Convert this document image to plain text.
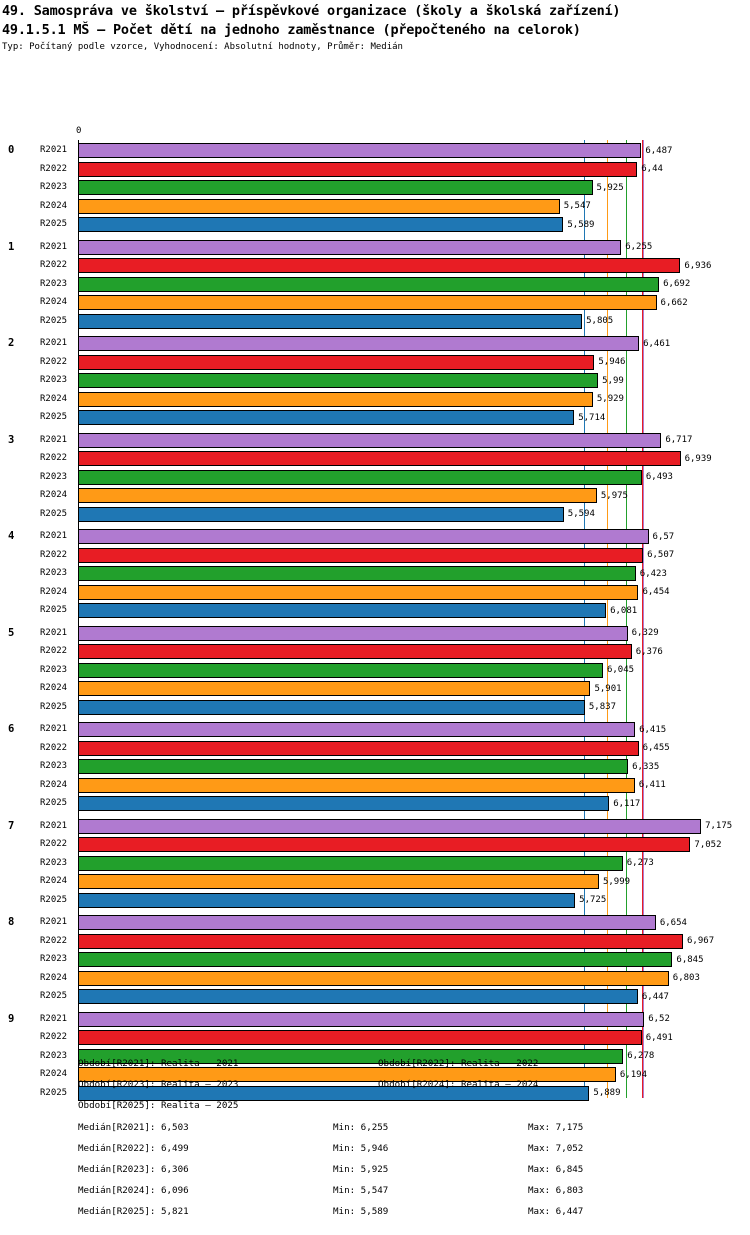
49. Samospráva ve školství – příspěvkové organizace (školy a školská zařízení)
49.1.5.1 MŠ – Počet dětí na jednoho zaměstnance (přepočteného na celorok)
Typ: Počítaný podle vzorce, Vyhodnocení: Absolutní hodnoty, Průměr: Medián
0
0	R2021	6,487
R2022	6,44
R2023	5,925
R2024	5,547
R2025	5,589
1	R2021	6,255
R2022	6,936
R2023	6,692
R2024	6,662
R2025	5,805
2	R2021	6,461
R2022	5,946
R2023	5,99
R2024	5,929
R2025	5,714
3	R2021	6,717
R2022	6,939
R2023	6,493
R2024	5,975
R2025	5,594
4	R2021	6,57
R2022	6,507
R2023	6,423
R2024	6,454
R2025	6,081
5	R2021	6,329
R2022	6,376
R2023	6,045
R2024	5,901
R2025	5,837
6	R2021	6,415
R2022	6,455
R2023	6,335
R2024	6,411
R2025	6,117
7	R2021	7,175
R2022	7,052
R2023	6,273
R2024	5,999
R2025	5,725
8	R2021	6,654
R2022	6,967
R2023	6,845
R2024	6,803
R2025	6,447
9	R2021	6,52
R2022	6,491
R2023	6,278
R2024	6,194
R2025	5,889
Období[R2021]: Realita – 2021	Období[R2022]: Realita – 2022
Období[R2023]: Realita – 2023	Období[R2024]: Realita – 2024
Období[R2025]: Realita – 2025
Medián[R2021]: 6,503	Min: 6,255	Max: 7,175
Medián[R2022]: 6,499	Min: 5,946	Max: 7,052
Medián[R2023]: 6,306	Min: 5,925	Max: 6,845
Medián[R2024]: 6,096	Min: 5,547	Max: 6,803
Medián[R2025]: 5,821	Min: 5,589	Max: 6,447
